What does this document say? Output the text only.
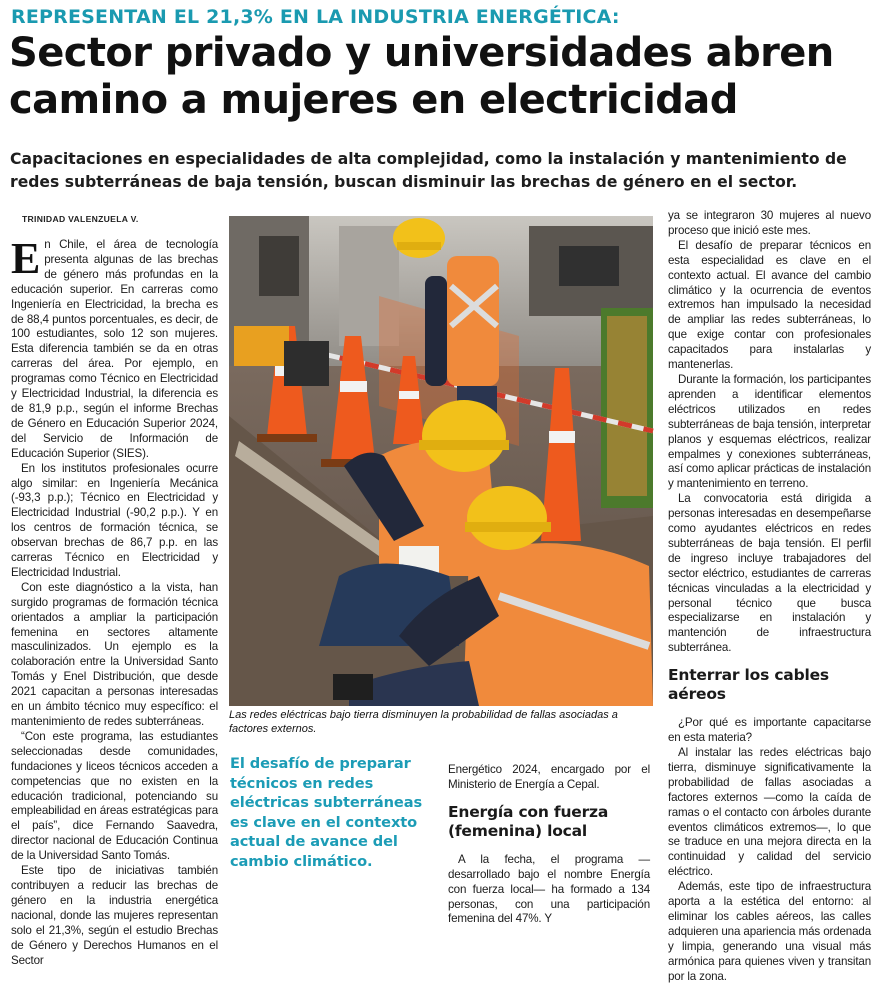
REPRESENTAN EL 21,3% EN LA INDUSTRIA ENERGÉTICA:
Sector privado y universidades abren
camino a mujeres en electricidad
Capacitaciones en especialidades de alta complejidad, como la instalación y mantenimiento de redes subterráneas de baja tensión, buscan disminuir las brechas de género en el sector.
TRINIDAD VALENZUELA V.

En Chile, el área de tecnología presenta algunas de las brechas de género más profundas en la educación superior. En carreras como Ingeniería en Electricidad, la brecha es de 88,4 puntos porcentuales, es decir, de 100 estudiantes, solo 12 son mujeres. Esta diferencia también se da en otras carreras del área. Por ejemplo, en programas como Técnico en Electricidad y Electricidad Industrial, la diferencia es de 81,9 p.p., según el informe Brechas de Género en Educación Superior 2024, del Servicio de Información de Educación Superior (SIES).

En los institutos profesionales ocurre algo similar: en Ingeniería Mecánica (-93,3 p.p.); Técnico en Electricidad y Electricidad Industrial (-90,2 p.p.). Y en los centros de formación técnica, se observan brechas de 86,7 p.p. en las carreras Técnico en Electricidad y Electricidad Industrial.

Con este diagnóstico a la vista, han surgido programas de formación técnica orientados a ampliar la participación femenina en sectores altamente masculinizados. Un ejemplo es la colaboración entre la Universidad Santo Tomás y Enel Distribución, que desde 2021 capacitan a personas interesadas en un ámbito técnico muy específico: el mantenimiento de redes subterráneas.

“Con este programa, las estudiantes seleccionadas desde comunidades, fundaciones y liceos técnicos acceden a competencias que no existen en la educación tradicional, potenciando su empleabilidad en áreas estratégicas para el país”, dice Fernando Saavedra, director nacional de Educación Continua de la Universidad Santo Tomás.

Este tipo de iniciativas también contribuyen a reducir las brechas de género en la industria energética nacional, donde las mujeres representan solo el 21,3%, según el estudio Brechas de Género y Derechos Humanos en el Sector

Las redes eléctricas bajo tierra disminuyen la probabilidad de fallas asociadas a factores externos.
El desafío de preparar técnicos en redes eléctricas subterráneas es clave en el contexto actual de avance del cambio climático.

Energético 2024, encargado por el Ministerio de Energía a Cepal.

Energía con fuerza (femenina) local

A la fecha, el programa —desarrollado bajo el nombre Energía con fuerza local— ha formado a 134 personas, con una participación femenina del 47%. Y

ya se integraron 30 mujeres al nuevo proceso que inició este mes.

El desafío de preparar técnicos en esta especialidad es clave en el contexto actual. El avance del cambio climático y la ocurrencia de eventos extremos han impulsado la necesidad de ampliar las redes subterráneas, lo que exige contar con profesionales capacitados para instalarlas y mantenerlas.

Durante la formación, los participantes aprenden a identificar elementos eléctricos utilizados en redes subterráneas de baja tensión, interpretar planos y esquemas eléctricos, realizar empalmes y conexiones subterráneas, así como aplicar prácticas de instalación y mantenimiento en terreno.

La convocatoria está dirigida a personas interesadas en desempeñarse como ayudantes eléctricos en redes subterráneas de baja tensión. El perfil de ingreso incluye trabajadores del sector eléctrico, estudiantes de carreras técnicas vinculadas a la electricidad y personal técnico que busca especializarse en instalación y mantención de infraestructura subterránea.

Enterrar los cables aéreos

¿Por qué es importante capacitarse en esta materia?

Al instalar las redes eléctricas bajo tierra, disminuye significativamente la probabilidad de fallas asociadas a factores externos —como la caída de ramas o el contacto con árboles durante eventos climáticos extremos—, lo que se traduce en una mejora directa en la continuidad y calidad del servicio eléctrico.

Además, este tipo de infraestructura aporta a la estética del entorno: al eliminar los cables aéreos, las calles adquieren una apariencia más ordenada y limpia, generando una visual más armónica para quienes viven y transitan por la zona.
